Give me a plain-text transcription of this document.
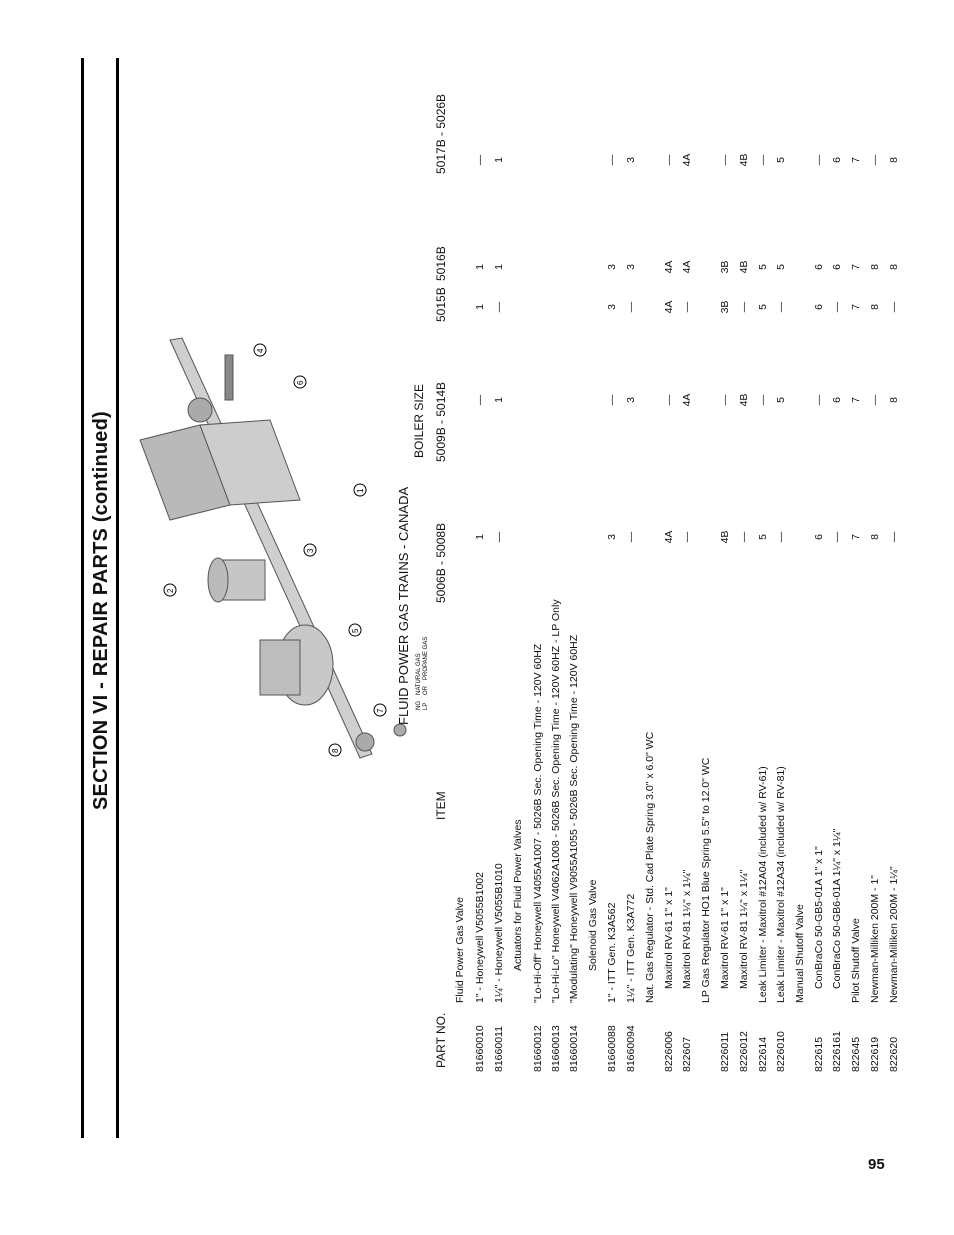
SECTION VI - REPAIR PARTS (continued)	7
8
5
3
1
2
6
4
NG
NATURAL GAS OR
LP
PROPANE GAS
FLUID POWER GAS TRAINS - CANADA
BOILER SIZE
PART NO.
ITEM
5006B - 5008B
5009B - 5014B
5015B
5016B
5017B - 5026B
Fluid Power Gas Valve
81660010
1" - Honeywell V5055B1002
1
—
1
1
—
81660011
1¼" - Honeywell V5055B1010
—
1
—
1
1
Actuators for Fluid Power Valves
81660012
"Lo-Hi-Off" Honeywell V4055A1007 - 5026B Sec. Opening Time - 120V 60HZ
81660013
"Lo-Hi-Lo" Honeywell V4062A1008 - 5026B Sec. Opening Time - 120V 60HZ - LP Only
81660014
"Modulating" Honeywell V9055A1055 - 5026B Sec. Opening Time - 120V 60HZ Solenoid Gas Valve
81660088
1" - ITT Gen. K3A562
3
—
3
3
—
81660094
1¼" - ITT Gen. K3A772
—
3
—
3
3
Nat. Gas Regulator - Std. Cad Plate Spring 3.0" x 6.0" WC
8226006
Maxitrol RV-61 1" x 1"
4A
—
4A
4A
—
822607
Maxitrol RV-81 1¼" x 1¼"
—
4A
—
4A
4A
LP Gas Regulator HO1 Blue Spring 5.5" to 12.0" WC
8226011
Maxitrol RV-61 1" x 1"
4B
—
3B
3B
—
8226012
Maxitrol RV-81 1¼" x 1¼"
—
4B
—
4B
4B
822614
Leak Limiter - Maxitrol #12A04 (included w/ RV-61)
5
—
5
5
—
8226010
Leak Limiter - Maxitrol #12A34 (included w/ RV-81)
—
5
—
5
5
Manual Shutoff Valve
822615
ConBraCo 50-GB5-01A 1" x 1"
6
—
6
6
—
8226161
ConBraCo 50-GB6-01A 1¼" x 1¼"
—
6
—
6
6
822645
Pilot Shutoff Valve
7
7
7
7
7
822619
Newman-Milliken 200M - 1"
8
—
8
8
—
822620
Newman-Milliken 200M - 1¼"
—
8
—
8
8
95
